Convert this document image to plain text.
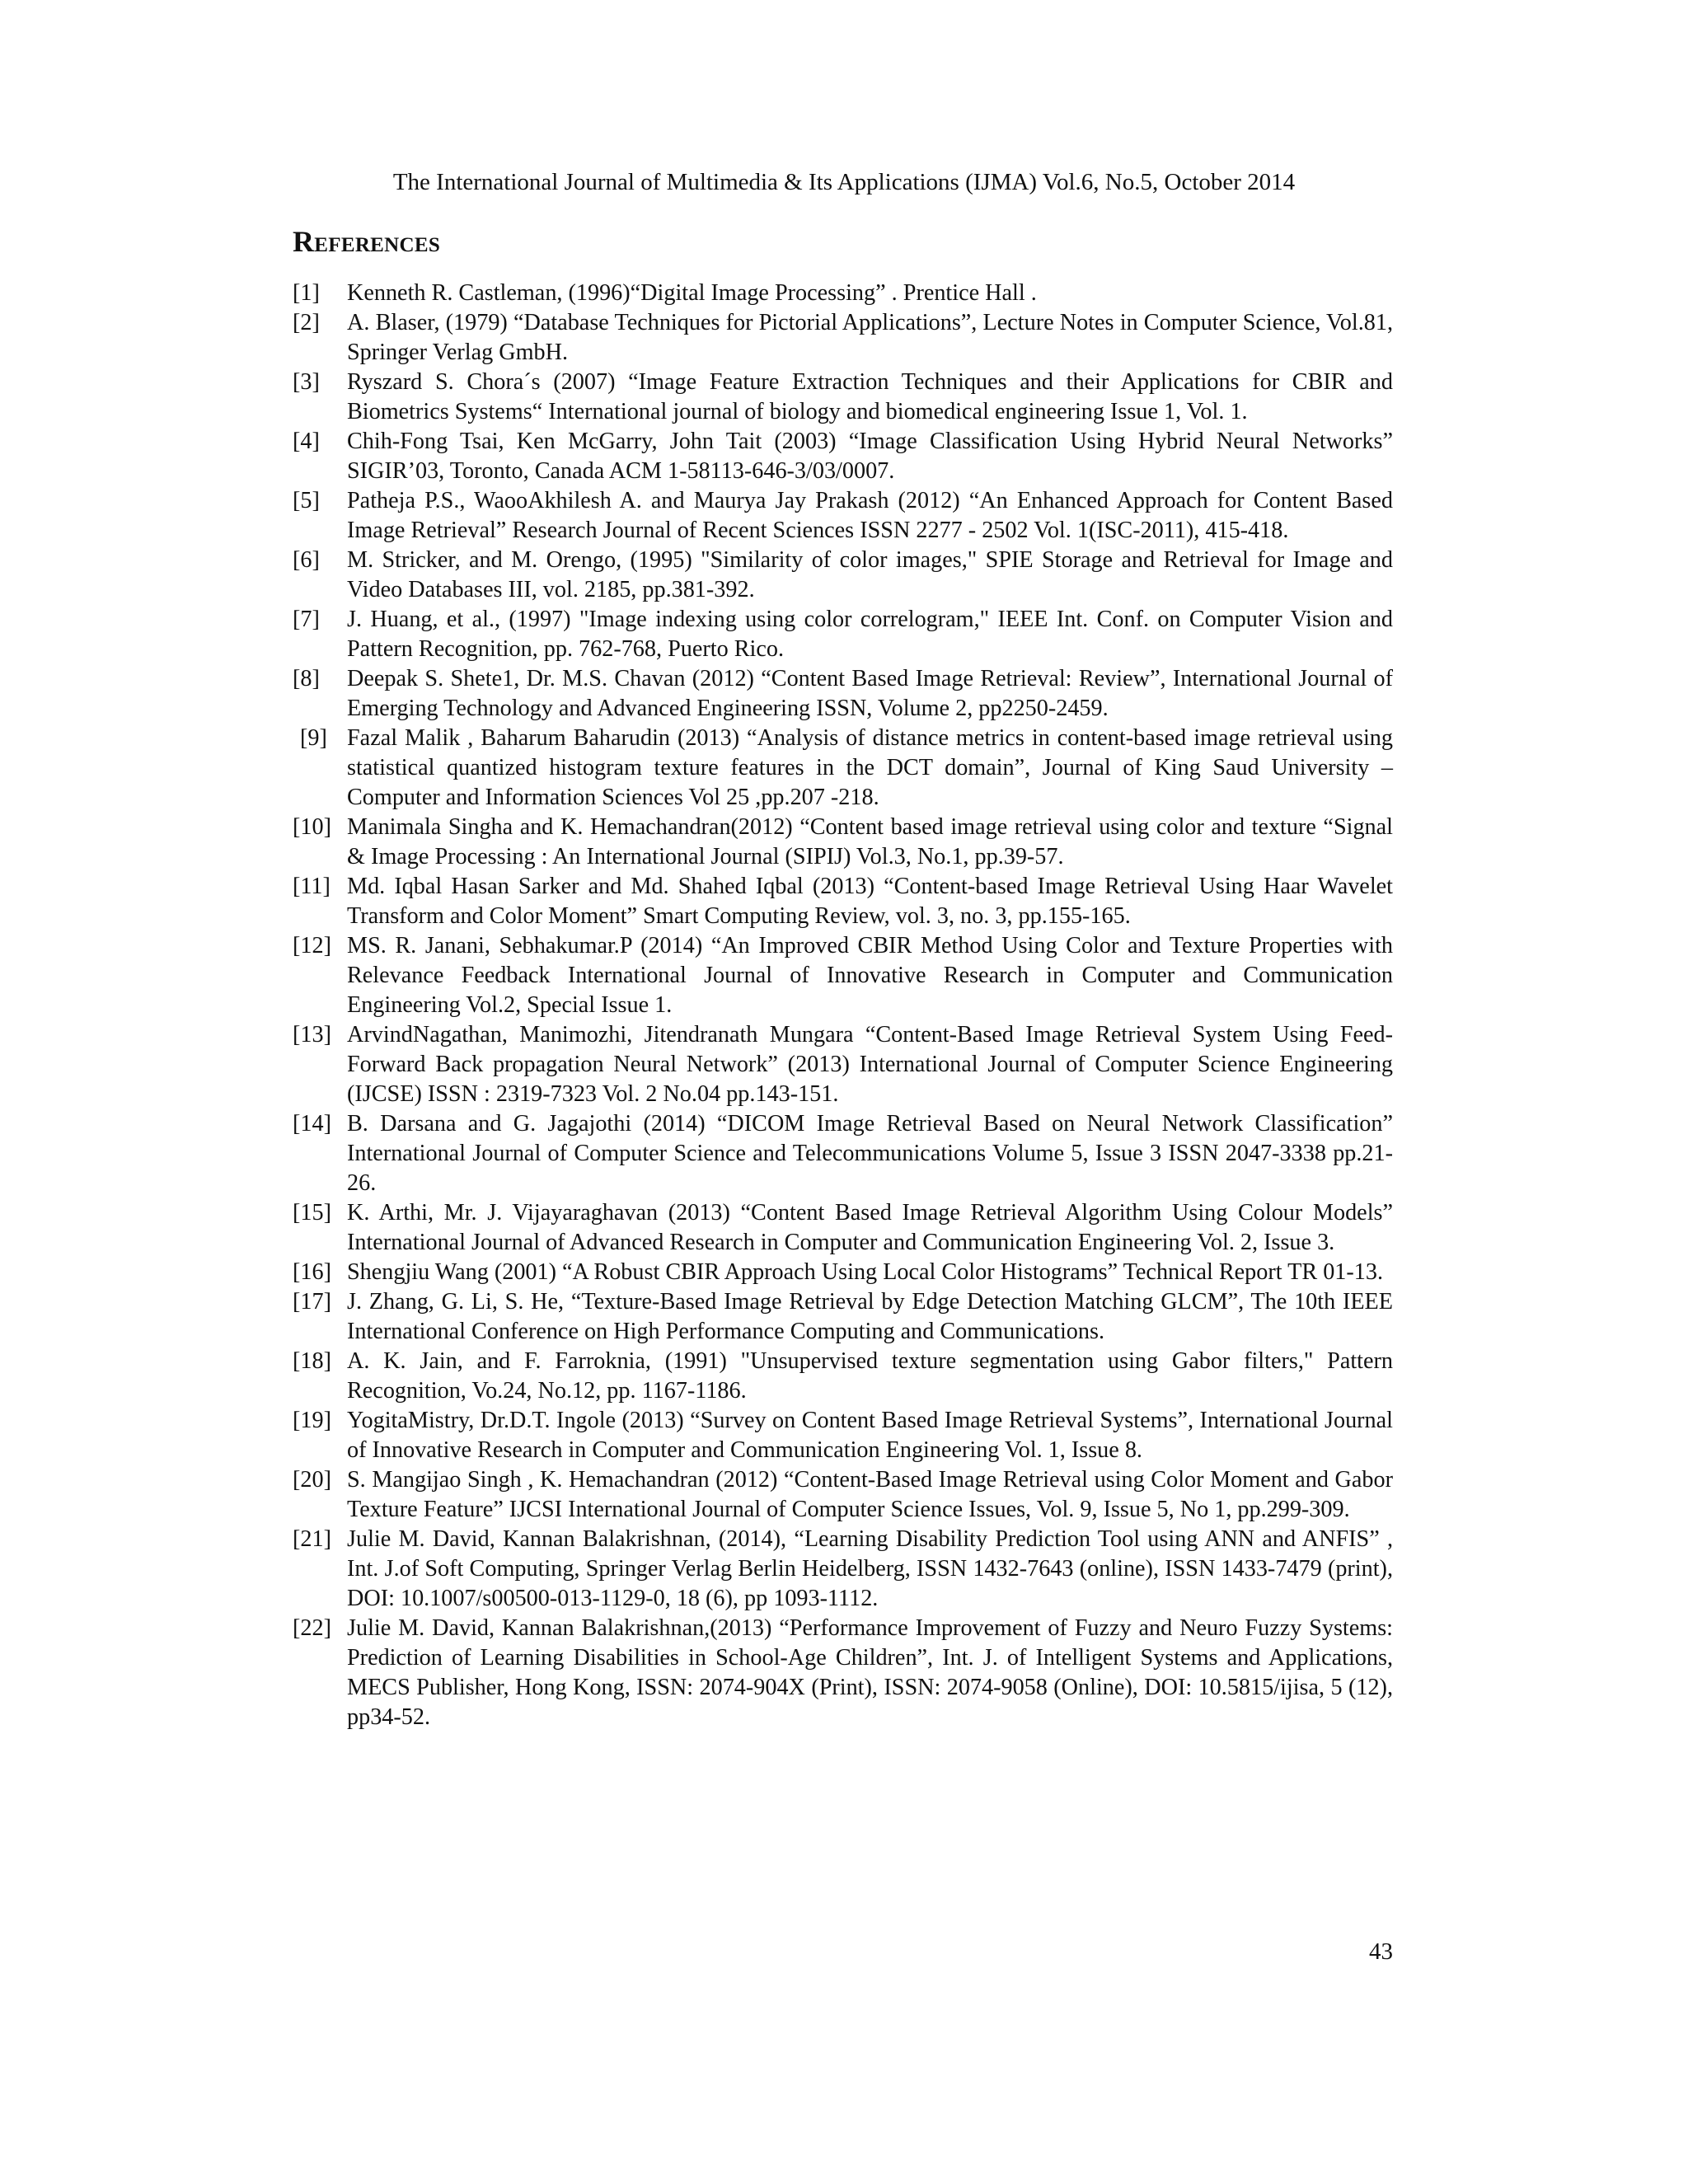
The International Journal of Multimedia & Its Applications (IJMA) Vol.6, No.5, October 2014
References
[1] Kenneth R. Castleman, (1996)“Digital Image Processing” . Prentice Hall .
[2] A. Blaser, (1979) “Database Techniques for Pictorial Applications”, Lecture Notes in Computer Science, Vol.81, Springer Verlag GmbH.
[3] Ryszard S. Chora´s (2007) “Image Feature Extraction Techniques and their Applications for CBIR and Biometrics Systems“ International journal of biology and biomedical engineering Issue 1, Vol. 1.
[4] Chih-Fong Tsai, Ken McGarry, John Tait (2003) “Image Classification Using Hybrid Neural Networks” SIGIR’03, Toronto, Canada ACM 1-58113-646-3/03/0007.
[5] Patheja P.S., WaooAkhilesh A. and Maurya Jay Prakash (2012) “An Enhanced Approach for Content Based Image Retrieval” Research Journal of Recent Sciences ISSN 2277 - 2502 Vol. 1(ISC-2011), 415-418.
[6] M. Stricker, and M. Orengo, (1995) "Similarity of color images," SPIE Storage and Retrieval for Image and Video Databases III, vol. 2185, pp.381-392.
[7] J. Huang, et al., (1997) "Image indexing using color correlogram," IEEE Int. Conf. on Computer Vision and Pattern Recognition, pp. 762-768, Puerto Rico.
[8] Deepak S. Shete1, Dr. M.S. Chavan (2012) “Content Based Image Retrieval: Review”, International Journal of Emerging Technology and Advanced Engineering ISSN, Volume 2, pp2250-2459.
[9] Fazal Malik , Baharum Baharudin (2013) “Analysis of distance metrics in content-based image retrieval using statistical quantized histogram texture features in the DCT domain”, Journal of King Saud University –Computer and Information Sciences Vol 25 ,pp.207 -218.
[10] Manimala Singha and K. Hemachandran(2012) “Content based image retrieval using color and texture “Signal & Image Processing : An International Journal (SIPIJ) Vol.3, No.1, pp.39-57.
[11] Md. Iqbal Hasan Sarker and Md. Shahed Iqbal (2013) “Content-based Image Retrieval Using Haar Wavelet Transform and Color Moment” Smart Computing Review, vol. 3, no. 3, pp.155-165.
[12] MS. R. Janani, Sebhakumar.P (2014) “An Improved CBIR Method Using Color and Texture Properties with Relevance Feedback International Journal of Innovative Research in Computer and Communication Engineering Vol.2, Special Issue 1.
[13] ArvindNagathan, Manimozhi, Jitendranath Mungara “Content-Based Image Retrieval System Using Feed-Forward Back propagation Neural Network” (2013) International Journal of Computer Science Engineering (IJCSE) ISSN : 2319-7323 Vol. 2 No.04 pp.143-151.
[14] B. Darsana and G. Jagajothi (2014) “DICOM Image Retrieval Based on Neural Network Classification” International Journal of Computer Science and Telecommunications Volume 5, Issue 3 ISSN 2047-3338 pp.21-26.
[15] K. Arthi, Mr. J. Vijayaraghavan (2013) “Content Based Image Retrieval Algorithm Using Colour Models” International Journal of Advanced Research in Computer and Communication Engineering Vol. 2, Issue 3.
[16] Shengjiu Wang (2001) “A Robust CBIR Approach Using Local Color Histograms” Technical Report TR 01-13.
[17] J. Zhang, G. Li, S. He, “Texture-Based Image Retrieval by Edge Detection Matching GLCM”, The 10th IEEE International Conference on High Performance Computing and Communications.
[18] A. K. Jain, and F. Farroknia, (1991) "Unsupervised texture segmentation using Gabor filters," Pattern Recognition, Vo.24, No.12, pp. 1167-1186.
[19] YogitaMistry, Dr.D.T. Ingole (2013) “Survey on Content Based Image Retrieval Systems”, International Journal of Innovative Research in Computer and Communication Engineering Vol. 1, Issue 8.
[20] S. Mangijao Singh , K. Hemachandran (2012) “Content-Based Image Retrieval using Color Moment and Gabor Texture Feature” IJCSI International Journal of Computer Science Issues, Vol. 9, Issue 5, No 1, pp.299-309.
[21] Julie M. David, Kannan Balakrishnan, (2014), “Learning Disability Prediction Tool using ANN and ANFIS” , Int. J.of Soft Computing, Springer Verlag Berlin Heidelberg, ISSN 1432-7643 (online), ISSN 1433-7479 (print), DOI: 10.1007/s00500-013-1129-0, 18 (6), pp 1093-1112.
[22] Julie M. David, Kannan Balakrishnan,(2013) “Performance Improvement of Fuzzy and Neuro Fuzzy Systems: Prediction of Learning Disabilities in School-Age Children”, Int. J. of Intelligent Systems and Applications, MECS Publisher, Hong Kong, ISSN: 2074-904X (Print), ISSN: 2074-9058 (Online), DOI: 10.5815/ijisa, 5 (12), pp34-52.
43
